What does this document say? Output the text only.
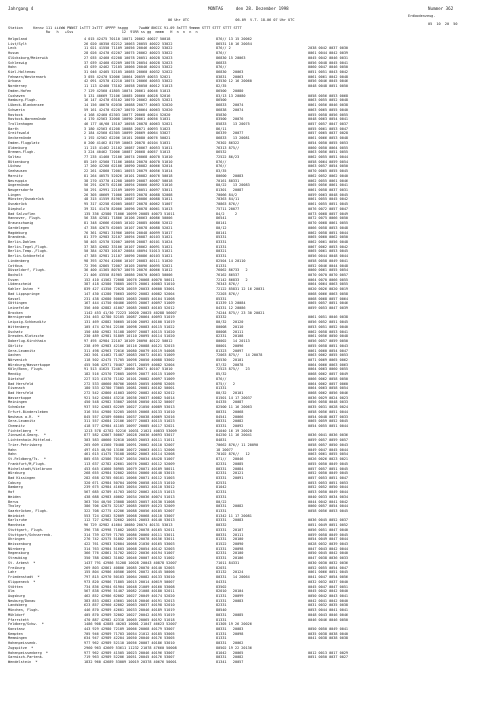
Jahrgang 4

	MONTAG     den 28. Dezember 1998

	Nummer 362

Erdbodenzeug.

06 Uhr UTC                      06-09  V.T. 18-06 07 Uhr UTC

05  10  20  50

Station     Kennz 111 iiiWW PNNST 1sTTT 2sTTT 4PPPP hsggg     7wwWW 8NCCC 91-09 5sTTT 9mmmm STTT STTT STTT STTT

Rw   h   +Sss                       12  9lRR ss gg  mmmm   H  n  n  n  n

Helgoland	4 015 42475 70110 10071 20062 40027 50018	876// 13 15 20062
List/Sylt	26 020 40350 62212 10063 20055 40022 53022	86531 10 16 20054
Leck	11 021 41550 71109 10056 20046 40022 53022	876// 2	2038 0042 0037 0030
Husum	28 026 42470 62207 10075 20062 40023 53022	876//	0061 0044 0042 0039
Glücksburg/Meierwik	27 035 42460 62208 10078 20051 40028 52023	86830 15 20063	0045 0042 0046 0031
Schleswig	37 039 42460 62209 10078 20054 40028 52023	86833	0056 0048 0045 0041
Hohn	43 039 42462 72105 10066 20046 40024 53022	876//	0060 0047 0046 0050
Kiel-Holtenau	31 046 42465 52105 10085 20060 40032 52022	86830   20063	0051 0051 0043 0042
Fehmarn/Westermark	3 055 42470 52006 10064 20059 40033 52021	83831   20063	0061 0061 0042 0048
Arkona	42 091 42570 42210 10074 20066 40053 53022	83530 12 16 20060	0056 0046 0045 0046
Norderney	11 113 42460 73102 10058 20050 40012 51013	82/35	0048 0048 0051 0050
Emden-Hafen	7 129 42560 41805 10074 20061 40046 51013	86500   20080
Cuxhaven	5 131 40669 72106 10085 20060 40028 52016	83/13 13 20080	0058 0056 0053 0068
Hamburg-Flugh.	16 147 42470 63102 10070 20062 40025 52021	86500	0063 0055 0052 0048
Lübeck-Blankensee	14 156 40670 62030 10088 20077 40063 52020	86833   20074	0061 0056 0046 0038
Schwerin	59 161 42470 62207 10070 20064 40063 52020	86838   20074	0063 0065 0055 0040
Rostock	4 168 42460 62303 10077 20068 40024 52020	85830	0055 0058 0056 0055
Rostock-Warnemünde	4 170 42563 32008 10090 20061 40056 51031	83500   20076	0048 0063 0054 0041
Trollenhagen	46 177 46/60 15107 10058 20078 40063 52021	85833   13 20075	0057 0057 0047 0037
Barth	3 180 42563 61208 10088 20071 40093 51023	86/11	0055 0061 0053 0047
Greifswald	2 184 42560 62305 10099 20069 40064 53027	86339   20077	0057 0065 0037 0028
Ueckermünde	1 192 42562 62206 10101 20080 40076 50021	86833   13 20081	0061 0066 0053 0048
Emden-Flugplatz	0 200 41462 81709 10063 20078 40104 51031	76302 86322	0054 0050 0055 0053
Oldenburg	11 215 41462 21102 10087 20067 40053 51011	76313 875//	0060 0050 0064 0055
Bremen-Flugh.	3 224 40462 72006 10087 20068 40057 51013	86532	0063 0056 0051 0055
Soltau	77 235 41460 72106 10074 20068 40070 51010	72522 86/23	0062 0055 0051 0044
Bützenburg	85 249 42560 71106 10084 20070 40070 51010	876//	0058 0064 0059 0054
Lüchow	17 260 42260 62106 10090 20082 40066 52014	876//	0063 0057 0054 0050
Seehausen	22 261 42860 72001 10053 20079 40056 51014	83/35	0070 0065 0055 0045
Marnitz	81 264 40575 52026 10101 20082 40076 50018	80600   20083	0062 0052 0062 0040
Neuruppin	38 270 43770 41208 10089 20087 40087 50018	70161 80331	0062 0055 0061 0046
Angermünde	56 291 42675 62106 10094 20066 40092 51016	80/22   13 20083	0065 0056 0061 0041
Neugersdorfe	50 291 42991 22109 10099 20051 40097 53011	81301   20087	0061 0058 0037 0031
Lingen	26 305 40669 71006 10093 20078 40088 52008	70066 84/2	0059 0063 0048 0045
Münster/Osnabrück	48 315 41559 81903 10087 20086 40088 51011	70363 84/11	0061 0055 0045 0042
Osnabrück	95 317 42258 62005 10087 20078 40062 51007	70863 876//	0061 0055 0051 0045
Diepholz	39 321 41470 82006 10096 20078 40061 51013	75711 20077	0076 0072 0057 0047
Bad Salzuflen	135 336 42580 71006 10099 20085 40073 51011	84/2     2	0073 0068 0057 0049
Hannover, Flugh.	56 338 42581 71806 10106 20063 40086 50006	86541	0072 0075 0066 0050
Braunschweig	81 348 42666 62005 10102 20085 40086 52012	80141	0070 0068 0061 0055
Gardelegen	47 358 42675 62005 10107 20078 40088 52021	80/12	0066 0058 0053 0048
Magdeburg	76 361 42981 31906 10094 20048 40099 51017	80141	0062 0058 0051 0044
Brandenb.	81 379 42983 32107 10094 20087 40103 51021	85331	0065 0060 0062 0050
Berlin-Dahlem	58 403 42570 52007 10098 20087 40101 51024	83331	0062 0061 0056 0048
Berlin-Tegel,Flugh.	37 383 42682 33106 10107 20062 40091 51021	81331	0067 0062 0053 0042
Berlin-Temp.,Flugh.	50 384 42783 10107 20084 40094 51013 51021	80321	0065 0061 0053 0045
Berlin-Schönefeld	47 385 42981 21107 10096 20086 40103 51021	83331	0056 0044 0048 0044
Lindenberg	98 393 42764 42006 10107 20083 40111 51020	82504 14 20110	0058 0058 0049 0041
Cottbus	72 396 42865 72007 10105 20096 40095 52021	81331	0052 0046 0044 0048
Düsseldorf, Flugh.	36 400 41365 80707 10076 20076 40066 51012	76062 86733   2	0060 0061 0055 0054
Bocholt	21 406 43550 81905 10086 20070 40063 50006	76162 86537	0070 0070 0070 0057
Essen	152 410 41562 72008 10076 20068 40070 50011	72142 86833   2	0064 0070 0066 0055
Lüdenscheid	387 418 42580 70805 10075 20061 40083 51010	76343 876//	0064 0064 0063 0055
Kahler Asten  *	839 427 41350 72028 10039 20033 40600 53001	72122 85831 12 16 20031	0020 0026 0020 0019
Bad Lippspringe	147 430 41280 70603 10092 20082 40082 52004	72203 876//	0068 0066 0063 0058
Kassel	231 438 42680 50003 10083 20085 40104 51008	85331	0068 0068 0057 0064
Göttingen	167 444 41750 60406 10093 20067 40097 51009	81339 13 20084	0065 0057 0051 0046
Leinefelde	356 460 42882 41007 10085 20083 40103 52012	84331 12 20086	0059 0053 0047 0039
Brocken	1142 453 41/30 72223 10020 20025 40288 56007	74244 875// 23 30 20021
Wernigerode	234 463 42780 52105 10087 20064 40093 51019	83332	0061 0051 0046 0038
Leipzig-Schkeuditz	131 469 42882 50605 10100 20092 40100 51019	80/32   20120	0056 0052 0051 0045
Wittenberg	105 474 42764 22106 10098 20083 40115 51022	80008   20110	0053 0051 0052 0040
Oschatz	150 480 42982 51108 10097 20087 40115 51020	80008   20111	0062 0058 0053 0041
Dresden-Klotzsche	230 489 42981 51809 10110 20095 40114 51020	82331   20108	0061 0056 0050 0048
Doberlug-Kirchhain	97 495 42984 22107 10109 20090 40122 50012	80002   14 20113	0056 0057 0059 0050
Görlitz	238 499 42983 42106 10116 20088 40121 52015	80001   20096	0055 0058 0051 0043
Gera-Leumnitz	311 498 42963 72016 10080 20079 40119 54008	81323   20097	0061 0060 0054 0047
Aachen	202 501 41462 71407 10083 20072 40101 51009	72063 875//   14 20078	0063 0062 0055 0053
Nörvenich	118 502 42475 71705 10098 20050 40088 53002	85530   20101	0071 0069 0065 0062
Würzburg/Wasserkuppe	455 508 42971 70407 10071 20059 40082 52004	87/32   20078	0064 0066 0063 0063
Köln/Bonn, Flugh.	91 513 41625 72407 10066 20071 40107 51010	72523 875//   23	0064 0063 0060 0055
Mendig	182 516 42570 72005 10095 20077 40115 51009	85/32	0068 0062 0057 0049
Dietzhof	227 523 41570 71102 10101 20082 40097 51009	876//	0066 0062 0058 0050
Bad Hersfeld	272 533 40660 80706 10065 20055 40098 52005	875//   2	0064 0062 0057 0060
Eisenach	180 533 42780 73005 10081 20081 40102 50001	81331	0064 0063 0058 0054
Bad Hersfeld	272 542 42860 41003 10092 20082 40102 52012	80/32   20101	0068 0062 0056 0046
Wasserkuppe	921 542 42684 43216 10036 20037 40082 54014	81501 14 17 20037	0036 0029 0024 0023
Meiningen	450 548 42982 53007 10058 20050 40132 50007	84335   20087	0056 0058 0048 0033
Schmücke	937 552 42683 62209 10027 21050 40089 53013	82500 11 16 20063	0035 0031 0028 0024
Erfurt-Bindersleben	316 554 42980 52205 10055 20068 40133 51010	80331   20068	0058 0056 0051 0044
Neuhaus a.R.  *	845 557 42589 60004 10037 20038 40069 52016	84541   20066	0054 0048 0037 0033
Gera-Leumnitz	311 557 42684 22106 10077 20083 40115 51023	80331   20082	0065 0059 0052 0045
Chemnitz	418 577 42984 41105 10097 20085 40117 52021	83331   20092	0054 0055 0051 0044
Fichtelberg  *	1213 578 42782 52216 10031 21021 40833 53009	81040 16 19 20020
Zinnwald-Georg.  *	877 582 42867 50007 10028 20036 40693 53017	84250 11 16 20041	0036 0041 0036 0036
Lichtenhain-Mittelnd.	303 583 40660 52010 10083 20053 40111 51011	84831	0059 0057 0059 0057
Trier-Petrisberg	265 609 41560 70408 10091 20062 40110 52007	70662 876// 11 20090	0058 0057 0050 0043
Hahn	497 615 40/50 13106 10072 20063 40111 52006	18 20077	0049 0047 0045 0044
Hahn	461 615 41475 70108 10082 20063 40114 52008	70102 876//   12	0063 0061 0055 0054
St.Feldberg/Ts.  *	805 635 42586 70107 10034 20034 48428 51007	871//   20046	0026 0026 0023 0021
Frankfurt/M,Flugh.	113 637 42782 42601 10076 20082 40112 52009	82331   20085	0055 0050 0049 0045
Michelstadt/Vielbrunn	453 645 41660 50905 10079 20071 40109 50011	80331   20084	0057 0057 0051 0045
Würzburg	268 655 42984 52002 10054 20060 40140 53015	82331   20121	0052 0050 0049 0045
Bad Kissingen	282 658 42785 60101 10066 20071 40112 51003	83331   20091	0057 0053 0051 0047
Coburg	320 671 42984 50704 10090 20058 40115 51010	82531	0053 0053 0051 0053
Bamberg	239 675 42984 41603 10054 20052 40110 53012	81042	0052 0052 0050 0044
Hof	567 685 42789 41703 10032 20062 40115 51013	82331	0053 0050 0049 0044
Weiden	438 688 42983 40002 10034 20036 40074 51013	83331	0040 0033 0034 0034
Berus	363 704 40/50 23008 10083 20057 40130 51008	80/22	0044 0042 0041 0042
Tholey	386 706 42675 32107 10085 20059 40123 52009	80331   20082	0060 0057 0054 0044
Saarbrücken, Flugh.	322 708 42775 42206 10088 20056 40105 52007	81331	0058 0056 0053 0045
Weinbiet	553 724 42582 52009 10068 20068 40110 53007	81342 11 17 20081
Karlsruhe	112 727 42962 32602 10051 20053 40140 53013	83331   20083	0036 0045 0052 0037
Mannheim	96 729 42982 41604 10080 20074 40131 53013	80332	0051 0049 0051 0052
Stuttgart, Flugh.	396 738 42998 71002 10083 20078 40165 52011	83331   20107	0056 0051 0047 0040
Stuttgart/Schnarrenb.	314 739 42759 71705 10086 20060 40111 53011	80331   20111	0059 0058 0049 0045
Öhringen	276 742 42575 51802 10076 20078 40156 53011	81331   20100	0054 0049 0047 0044
Weissenburg	422 761 42983 52004 10068 21030 40165 53003	81522   20090	0028 0032 0039 0043
Nürnberg	314 763 42984 51603 10068 20054 40142 52003	81331   20098	0047 0043 0042 0044
Regensburg	366 776 42861 31702 10022 20036 40194 51007	82331   20100	0050 0045 0042 0040
Straubing	350 788 42862 31002 10046 20007 40152 51002	83331   20106	0047 0038 0036 0033
St. Arbest  *	1437 791 42986 51208 10028 20043 40878 52007	71011 84331	0030 0030 0032 0036
Freiburg	269 803 42861 40806 10085 20070 40140 52003	82031	0052 0055 0054 0047
Lahr	155 804 42986 40506 10091 20072 40145 50006	83132   20124	0061 0066 0051 0045
Friedenstadt  *	797 815 42970 50103 10064 20082 40133 53010	80331   14 20064	0041 0047 0054 0056
Klippeneck  *	973 820 42986 71805 10015 20014 40619 50007	84331	0032 0032 0037 0040
Stötten	734 836 42984 61904 10048 21009 40160 53008	83502	0045 0047 0047 0051
Ulm	567 838 42996 51407 10082 21008 40180 52011	82010   20104	0045 0042 0042 0040
Augsburg	462 852 42986 62002 10027 20049 40174 52020	81331   20099	0050 0042 0043 0041
Neuburg/Donau	383 853 42882 43601 10018 20046 40191 52013	81331   20083	0042 0041 0042 0040
Landsberg	623 857 42960 42002 10063 20037 40198 52010	82331	0031 0032 0035 0038
München, Flugh.	446 870 42989 42601 10033 20046 40189 51019	80540	0053 0044 0041 0041
Mühldorf	405 870 42989 32002 10027 20042 40195 51019	80331   20085	0048 0043 0046 0046
Pfarrstett	470 887 42982 42310 10065 20065 40192 51018	81331	0046 0046 0046 0050
Feldberg/Schw.  *	1486 908 42885 40203 10001 21047 46623 52007	81305 19 26 20026
Konstanz	443 929 42980 72109 10066 20068 40179 53007	80331   20083	0050 0050 0049 0041
Kempten	705 946 42989 71703 10054 21012 40185 53005	81331   20098	0035 0038 0038 0040
Memmingen	634 947 42989 42204 10050 20040 40176 53005	81331	0041 0038 0038 0038
Hohenpeissenb.	977 962 42989 52110 10056 20007 40186 53010	80331   20062
Zugspitze  *	2960 963 42669 53611 11232 21078 47660 50008	80502 19 22 20136
Hohenpeissenberg  *	977 962 42989 41505 10023 20046 40196 53007	81042   20065	0012 0013 0017 0029
Garmisch-Partenk.	719 963 42989 52206 10051 20045 40176 53007	80331   20082	0051 0050 0037 0027
Wendelstein  *	1832 960 42689 53009 10019 20378 40676 50001	81341   20057
